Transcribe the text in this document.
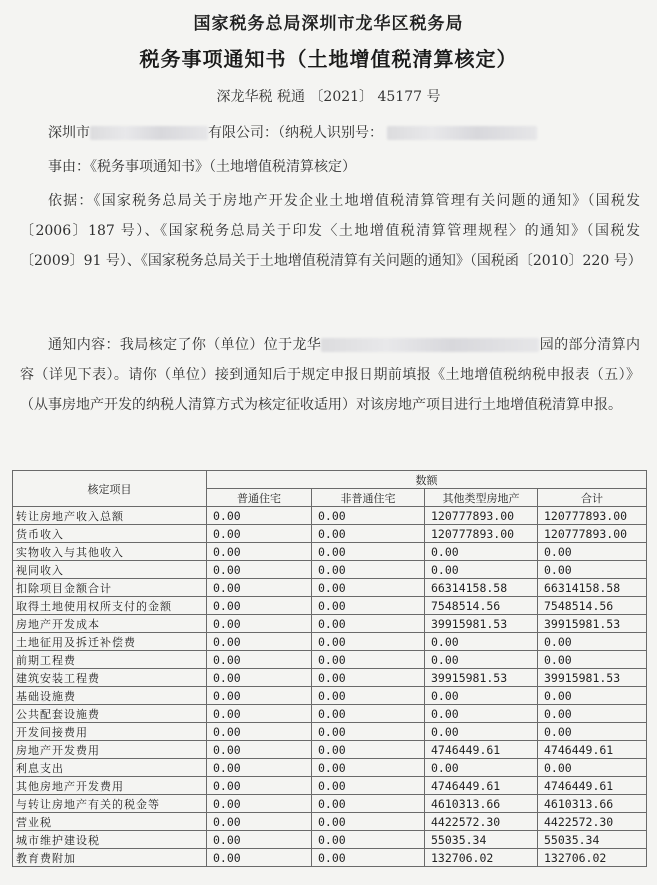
国家税务总局深圳市龙华区税务局
税务事项通知书（土地增值税清算核定）
深龙华税 税通 〔2021〕 45177 号
深圳市	有限公司：（纳税人识别号：
事由：《税务事项通知书》（土地增值税清算核定）
依据：《国家税务总局关于房地产开发企业土地增值税清算管理有关问题的通知》（国税发〔2006〕187 号）、《国家税务总局关于印发〈土地增值税清算管理规程〉的通知》（国税发〔2009〕91 号）、《国家税务总局关于土地增值税清算有关问题的通知》（国税函〔2010〕220 号）
通知内容：我局核定了你（单位）位于龙华	园的部分清算内容（详见下表）。请你（单位）接到通知后于规定申报日期前填报《土地增值税纳税申报表（五）》（从事房地产开发的纳税人清算方式为核定征收适用）对该房地产项目进行土地增值税清算申报。
核定项目	数额			
	普通住宅	非普通住宅	其他类型房地产	合计
转让房地产收入总额	0.00	0.00	120777893.00	120777893.00
货币收入	0.00	0.00	120777893.00	120777893.00
实物收入与其他收入	0.00	0.00	0.00	0.00
视同收入	0.00	0.00	0.00	0.00
扣除项目金额合计	0.00	0.00	66314158.58	66314158.58
取得土地使用权所支付的金额	0.00	0.00	7548514.56	7548514.56
房地产开发成本	0.00	0.00	39915981.53	39915981.53
土地征用及拆迁补偿费	0.00	0.00	0.00	0.00
前期工程费	0.00	0.00	0.00	0.00
建筑安装工程费	0.00	0.00	39915981.53	39915981.53
基础设施费	0.00	0.00	0.00	0.00
公共配套设施费	0.00	0.00	0.00	0.00
开发间接费用	0.00	0.00	0.00	0.00
房地产开发费用	0.00	0.00	4746449.61	4746449.61
利息支出	0.00	0.00	0.00	0.00
其他房地产开发费用	0.00	0.00	4746449.61	4746449.61
与转让房地产有关的税金等	0.00	0.00	4610313.66	4610313.66
营业税	0.00	0.00	4422572.30	4422572.30
城市维护建设税	0.00	0.00	55035.34	55035.34
教育费附加	0.00	0.00	132706.02	132706.02
